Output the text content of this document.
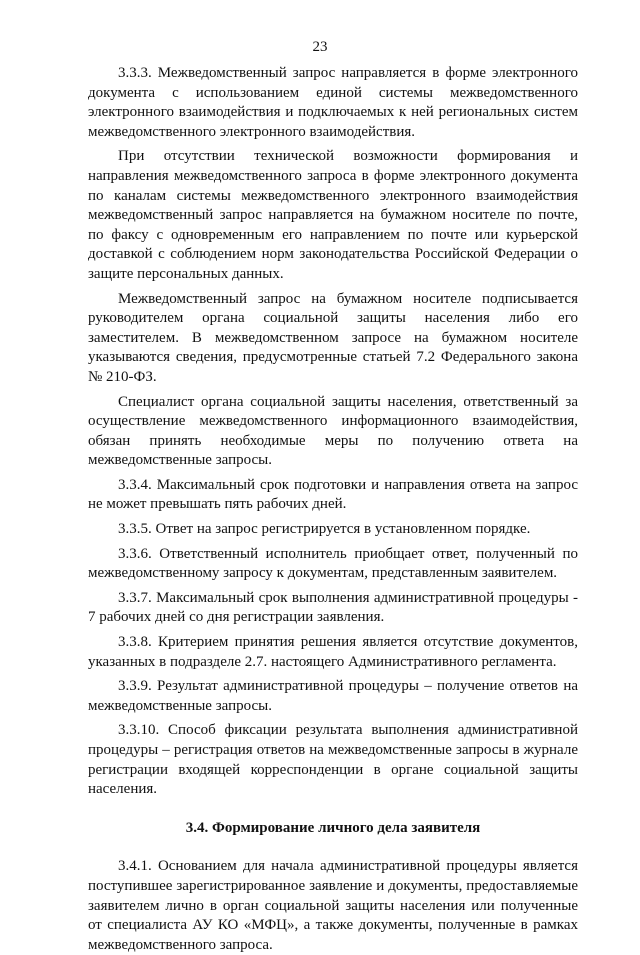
23

3.3.3. Межведомственный запрос направляется в форме электронного документа с использованием единой системы межведомственного электронного взаимодействия и подключаемых к ней региональных систем межведомственного электронного взаимодействия.

При отсутствии технической возможности формирования и направления межведомственного запроса в форме электронного документа по каналам системы межведомственного электронного взаимодействия межведомственный запрос направляется на бумажном носителе по почте, по факсу с одновременным его направлением по почте или курьерской доставкой с соблюдением норм законодательства Российской Федерации о защите персональных данных.

Межведомственный запрос на бумажном носителе подписывается руководителем органа социальной защиты населения либо его заместителем. В межведомственном запросе на бумажном носителе указываются сведения, предусмотренные статьей 7.2 Федерального закона № 210-ФЗ.

Специалист органа социальной защиты населения, ответственный за осуществление межведомственного информационного взаимодействия, обязан принять необходимые меры по получению ответа на межведомственные запросы.

3.3.4. Максимальный срок подготовки и направления ответа на запрос не может превышать пять рабочих дней.

3.3.5. Ответ на запрос регистрируется в установленном порядке.

3.3.6. Ответственный исполнитель приобщает ответ, полученный по межведомственному запросу к документам, представленным заявителем.

3.3.7. Максимальный срок выполнения административной процедуры - 7 рабочих дней со дня регистрации заявления.

3.3.8. Критерием принятия решения является отсутствие документов, указанных в подразделе 2.7. настоящего Административного регламента.

3.3.9. Результат административной процедуры – получение ответов на межведомственные запросы.

3.3.10. Способ фиксации результата выполнения административной процедуры – регистрация ответов на межведомственные запросы в журнале регистрации входящей корреспонденции в органе социальной защиты населения.

3.4. Формирование личного дела заявителя

3.4.1. Основанием для начала административной процедуры является поступившее зарегистрированное заявление и документы, предоставляемые заявителем лично в орган социальной защиты населения или полученные от специалиста АУ КО «МФЦ», а также документы, полученные в рамках межведомственного запроса.
